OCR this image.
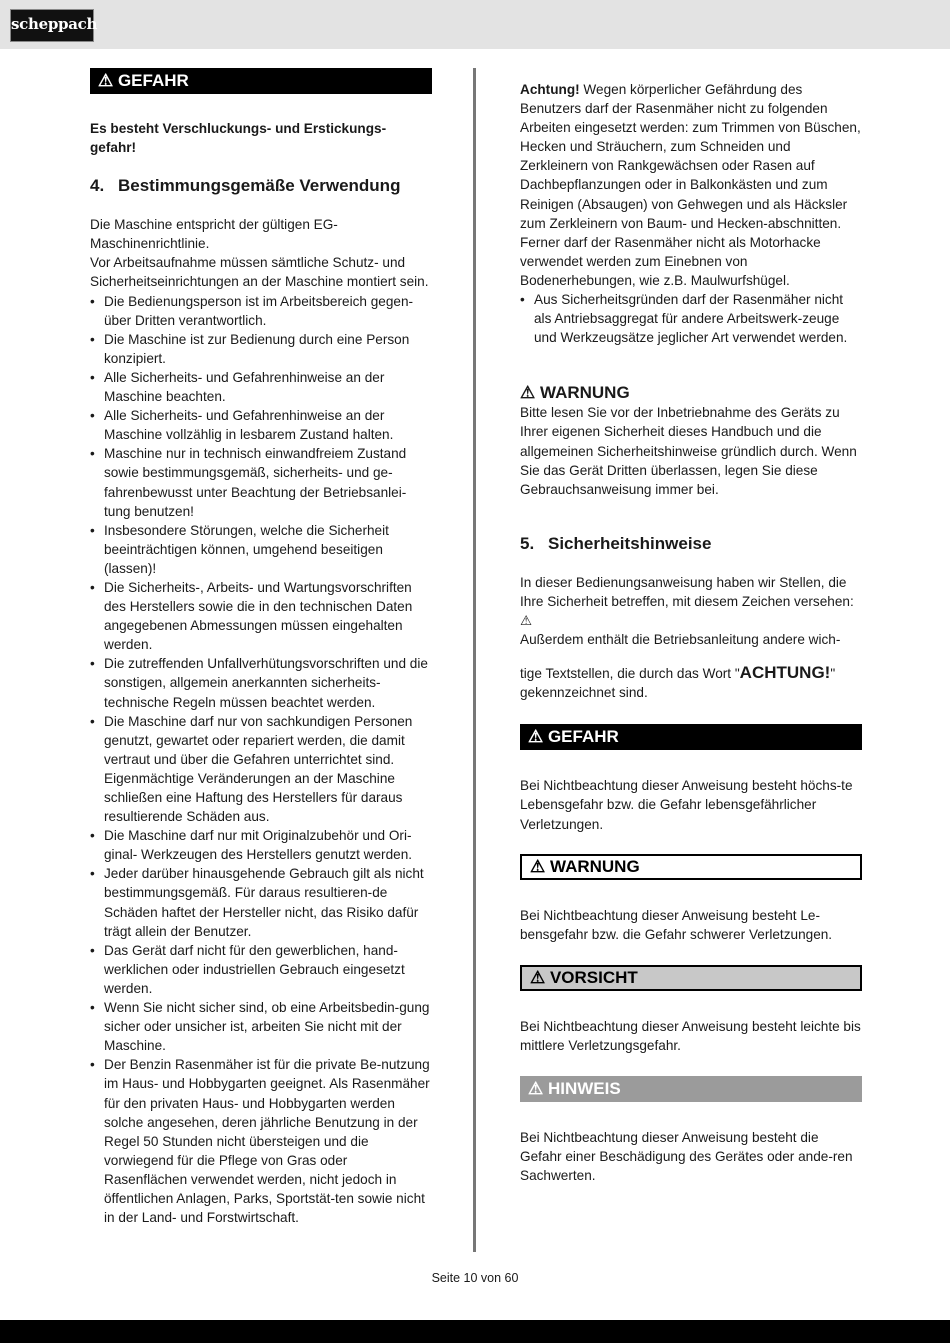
scheppach
⚠ GEFAHR

Es besteht Verschluckungs- und Erstickungs-gefahr!

4. Bestimmungsgemäße Verwendung

Die Maschine entspricht der gültigen EG-Maschinenrichtlinie.

Vor Arbeitsaufnahme müssen sämtliche Schutz- und Sicherheitseinrichtungen an der Maschine montiert sein.

• Die Bedienungsperson ist im Arbeitsbereich gegen-über Dritten verantwortlich.
• Die Maschine ist zur Bedienung durch eine Person konzipiert.
• Alle Sicherheits- und Gefahrenhinweise an der Maschine beachten.
• Alle Sicherheits- und Gefahrenhinweise an der Maschine vollzählig in lesbarem Zustand halten.
• Maschine nur in technisch einwandfreiem Zustand sowie bestimmungsgemäß, sicherheits- und ge-fahrenbewusst unter Beachtung der Betriebsanlei-tung benutzen!
• Insbesondere Störungen, welche die Sicherheit beeinträchtigen können, umgehend beseitigen (lassen)!
• Die Sicherheits-, Arbeits- und Wartungsvorschriften des Herstellers sowie die in den technischen Daten angegebenen Abmessungen müssen eingehalten werden.
• Die zutreffenden Unfallverhütungsvorschriften und die sonstigen, allgemein anerkannten sicherheits-technische Regeln müssen beachtet werden.
• Die Maschine darf nur von sachkundigen Personen genutzt, gewartet oder repariert werden, die damit vertraut und über die Gefahren unterrichtet sind. Eigenmächtige Veränderungen an der Maschine schließen eine Haftung des Herstellers für daraus resultierende Schäden aus.
• Die Maschine darf nur mit Originalzubehör und Ori-ginal- Werkzeugen des Herstellers genutzt werden.
• Jeder darüber hinausgehende Gebrauch gilt als nicht bestimmungsgemäß. Für daraus resultieren-de Schäden haftet der Hersteller nicht, das Risiko dafür trägt allein der Benutzer.
• Das Gerät darf nicht für den gewerblichen, hand-werklichen oder industriellen Gebrauch eingesetzt werden.
• Wenn Sie nicht sicher sind, ob eine Arbeitsbedin-gung sicher oder unsicher ist, arbeiten Sie nicht mit der Maschine.
• Der Benzin Rasenmäher ist für die private Be-nutzung im Haus- und Hobbygarten geeignet. Als Rasenmäher für den privaten Haus- und Hobbygarten werden solche angesehen, deren jährliche Benutzung in der Regel 50 Stunden nicht übersteigen und die vorwiegend für die Pflege von Gras oder Rasenflächen verwendet werden, nicht jedoch in öffentlichen Anlagen, Parks, Sportstät-ten sowie nicht in der Land- und Forstwirtschaft.

Achtung! Wegen körperlicher Gefährdung des Benutzers darf der Rasenmäher nicht zu folgenden Arbeiten eingesetzt werden: zum Trimmen von Büschen, Hecken und Sträuchern, zum Schneiden und Zerkleinern von Rankgewächsen oder Rasen auf Dachbepflanzungen oder in Balkonkästen und zum Reinigen (Absaugen) von Gehwegen und als Häcksler zum Zerkleinern von Baum- und Hecken-abschnitten. Ferner darf der Rasenmäher nicht als Motorhacke verwendet werden zum Einebnen von Bodenerhebungen, wie z.B. Maulwurfshügel.

• Aus Sicherheitsgründen darf der Rasenmäher nicht als Antriebsaggregat für andere Arbeitswerk-zeuge und Werkzeugsätze jeglicher Art verwendet werden.
⚠ WARNUNG

Bitte lesen Sie vor der Inbetriebnahme des Geräts zu Ihrer eigenen Sicherheit dieses Handbuch und die allgemeinen Sicherheitshinweise gründlich durch. Wenn Sie das Gerät Dritten überlassen, legen Sie diese Gebrauchsanweisung immer bei.

5. Sicherheitshinweise

In dieser Bedienungsanweisung haben wir Stellen, die Ihre Sicherheit betreffen, mit diesem Zeichen versehen: ⚠

Außerdem enthält die Betriebsanleitung andere wich-

tige Textstellen, die durch das Wort "ACHTUNG!"

gekennzeichnet sind.

⚠ GEFAHR

Bei Nichtbeachtung dieser Anweisung besteht höchs-te Lebensgefahr bzw. die Gefahr lebensgefährlicher Verletzungen.

⚠ WARNUNG

Bei Nichtbeachtung dieser Anweisung besteht Le-bensgefahr bzw. die Gefahr schwerer Verletzungen.

⚠ VORSICHT

Bei Nichtbeachtung dieser Anweisung besteht leichte bis mittlere Verletzungsgefahr.

⚠ HINWEIS

Bei Nichtbeachtung dieser Anweisung besteht die Gefahr einer Beschädigung des Gerätes oder ande-ren Sachwerten.

Seite 10 von 60
